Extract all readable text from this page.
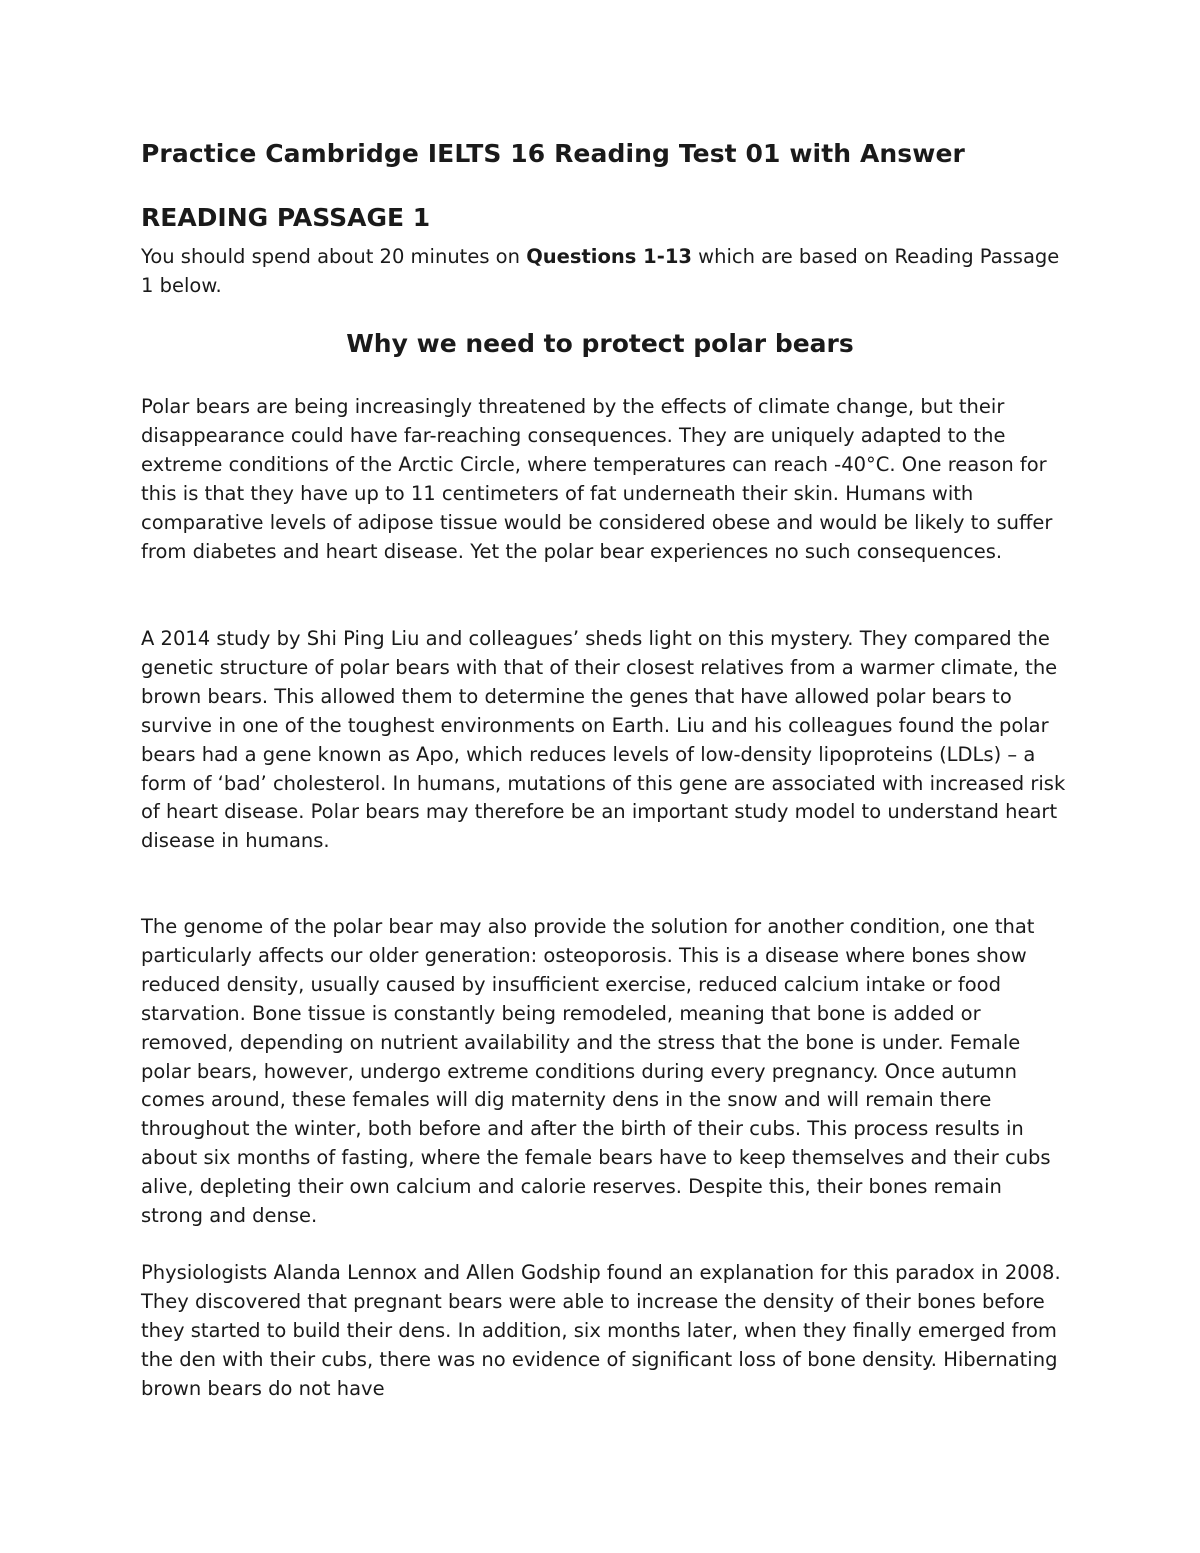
Practice Cambridge IELTS 16 Reading Test 01 with Answer
READING PASSAGE 1

You should spend about 20 minutes on Questions 1-13 which are based on Reading Passage 1 below.

Why we need to protect polar bears

Polar bears are being increasingly threatened by the effects of climate change, but their disappearance could have far-reaching consequences. They are uniquely adapted to the extreme conditions of the Arctic Circle, where temperatures can reach -40°C. One reason for this is that they have up to 11 centimeters of fat underneath their skin. Humans with comparative levels of adipose tissue would be considered obese and would be likely to suffer from diabetes and heart disease. Yet the polar bear experiences no such consequences.

A 2014 study by Shi Ping Liu and colleagues’ sheds light on this mystery. They compared the genetic structure of polar bears with that of their closest relatives from a warmer climate, the brown bears. This allowed them to determine the genes that have allowed polar bears to survive in one of the toughest environments on Earth. Liu and his colleagues found the polar bears had a gene known as Apo, which reduces levels of low-density lipoproteins (LDLs) – a form of ‘bad’ cholesterol. In humans, mutations of this gene are associated with increased risk of heart disease. Polar bears may therefore be an important study model to understand heart disease in humans.

The genome of the polar bear may also provide the solution for another condition, one that particularly affects our older generation: osteoporosis. This is a disease where bones show reduced density, usually caused by insufficient exercise, reduced calcium intake or food starvation. Bone tissue is constantly being remodeled, meaning that bone is added or removed, depending on nutrient availability and the stress that the bone is under. Female polar bears, however, undergo extreme conditions during every pregnancy. Once autumn comes around, these females will dig maternity dens in the snow and will remain there throughout the winter, both before and after the birth of their cubs. This process results in about six months of fasting, where the female bears have to keep themselves and their cubs alive, depleting their own calcium and calorie reserves. Despite this, their bones remain strong and dense.

Physiologists Alanda Lennox and Allen Godship found an explanation for this paradox in 2008. They discovered that pregnant bears were able to increase the density of their bones before they started to build their dens. In addition, six months later, when they finally emerged from the den with their cubs, there was no evidence of significant loss of bone density. Hibernating brown bears do not have
